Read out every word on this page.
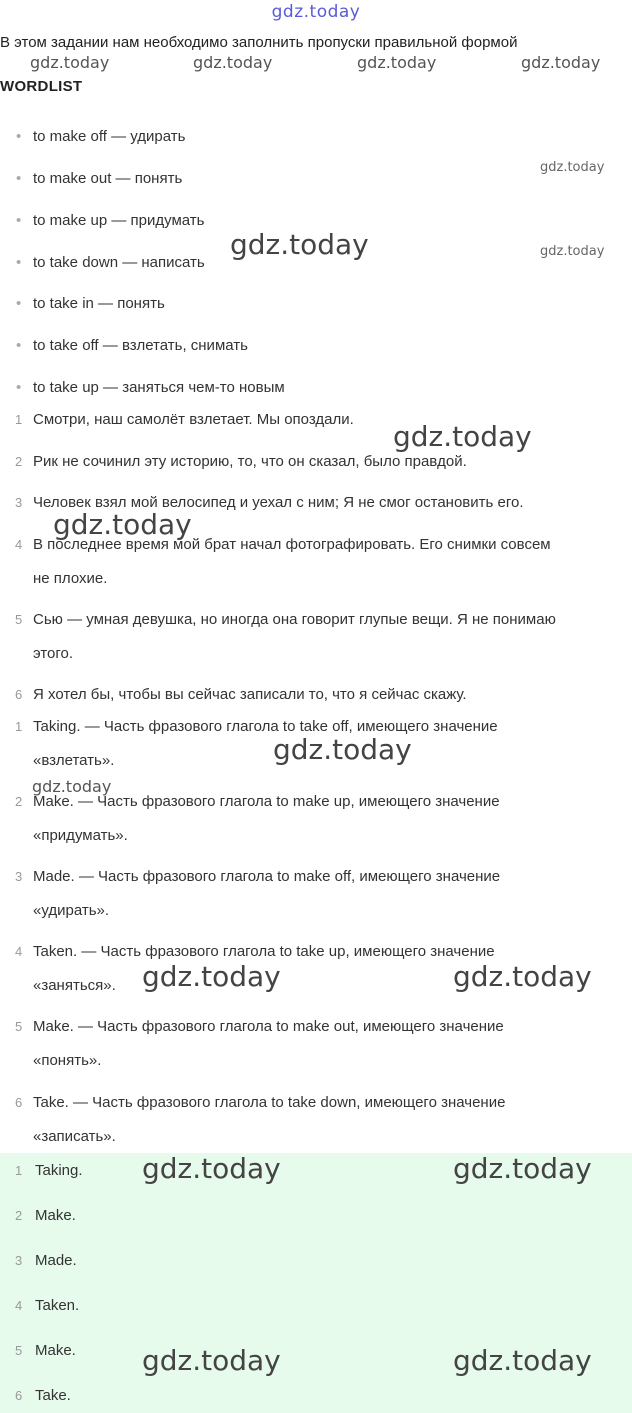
gdz.today
В этом задании нам необходимо заполнить пропуски правильной формой
WORDLIST
• to make off — удирать
• to make out — понять
• to make up — придумать
• to take down — написать
• to take in — понять
• to take off — взлетать, снимать
• to take up — заняться чем-то новым
1 Смотри, наш самолёт взлетает. Мы опоздали.
2 Рик не сочинил эту историю, то, что он сказал, было правдой.
3 Человек взял мой велосипед и уехал с ним; Я не смог остановить его.
4 В последнее время мой брат начал фотографировать. Его снимки совсем
не плохие.
5 Сью — умная девушка, но иногда она говорит глупые вещи. Я не понимаю
этого.
6 Я хотел бы, чтобы вы сейчас записали то, что я сейчас скажу.
1 Taking. — Часть фразового глагола to take off, имеющего значение
«взлетать».
2 Make. — Часть фразового глагола to make up, имеющего значение
«придумать».
3 Made. — Часть фразового глагола to make off, имеющего значение
«удирать».
4 Taken. — Часть фразового глагола to take up, имеющего значение
«заняться».
5 Make. — Часть фразового глагола to make out, имеющего значение
«понять».
6 Take. — Часть фразового глагола to take down, имеющего значение
«записать».
1 Taking.
2 Make.
3 Made.
4 Taken.
5 Make.
6 Take.
gdz.today	gdz.today	gdz.today	gdz.today
gdz.today
gdz.today
gdz.today
gdz.today
gdz.today
gdz.today
gdz.today
gdz.today	gdz.today
gdz.today	gdz.today
gdz.today	gdz.today
